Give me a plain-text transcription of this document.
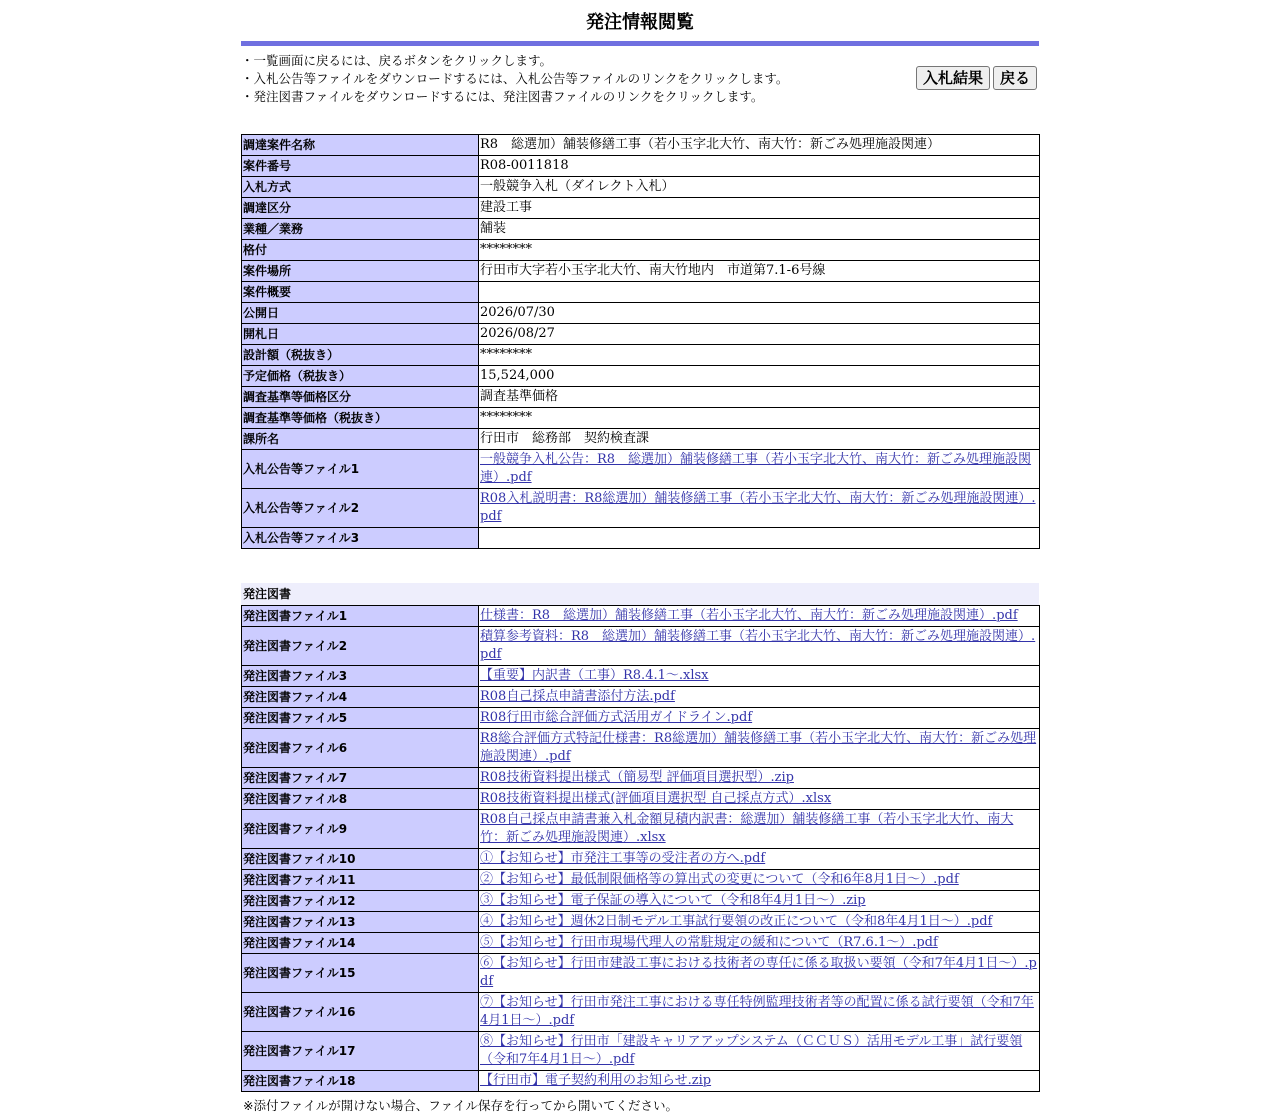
発注情報閲覧
・一覧画面に戻るには、戻るボタンをクリックします。
・入札公告等ファイルをダウンロードするには、入札公告等ファイルのリンクをクリックします。
・発注図書ファイルをダウンロードするには、発注図書ファイルのリンクをクリックします。
入札結果	戻る
調達案件名称	R8　総選加）舗装修繕工事（若小玉字北大竹、南大竹：新ごみ処理施設関連）
案件番号	R08-0011818
入札方式	一般競争入札（ダイレクト入札）
調達区分	建設工事
業種／業務	舗装
格付	********
案件場所	行田市大字若小玉字北大竹、南大竹地内　市道第7.1-6号線
案件概要	
公開日	2026/07/30
開札日	2026/08/27
設計額（税抜き）	********
予定価格（税抜き）	15,524,000
調査基準等価格区分	調査基準価格
調査基準等価格（税抜き）	********
課所名	行田市　総務部　契約検査課
入札公告等ファイル1	一般競争入札公告：R8　総選加）舗装修繕工事（若小玉字北大竹、南大竹：新ごみ処理施設関連）.pdf
入札公告等ファイル2	R08入札説明書：R8総選加）舗装修繕工事（若小玉字北大竹、南大竹：新ごみ処理施設関連）.pdf
入札公告等ファイル3	
発注図書
発注図書ファイル1	仕様書：R8　総選加）舗装修繕工事（若小玉字北大竹、南大竹：新ごみ処理施設関連）.pdf
発注図書ファイル2	積算参考資料：R8　総選加）舗装修繕工事（若小玉字北大竹、南大竹：新ごみ処理施設関連）.pdf
発注図書ファイル3	【重要】内訳書（工事）R8.4.1～.xlsx
発注図書ファイル4	R08自己採点申請書添付方法.pdf
発注図書ファイル5	R08行田市総合評価方式活用ガイドライン.pdf
発注図書ファイル6	R8総合評価方式特記仕様書：R8総選加）舗装修繕工事（若小玉字北大竹、南大竹：新ごみ処理施設関連）.pdf
発注図書ファイル7	R08技術資料提出様式（簡易型 評価項目選択型）.zip
発注図書ファイル8	R08技術資料提出様式(評価項目選択型 自己採点方式）.xlsx
発注図書ファイル9	R08自己採点申請書兼入札金額見積内訳書：総選加）舗装修繕工事（若小玉字北大竹、南大竹：新ごみ処理施設関連）.xlsx
発注図書ファイル10	①【お知らせ】市発注工事等の受注者の方へ.pdf
発注図書ファイル11	②【お知らせ】最低制限価格等の算出式の変更について（令和6年8月1日～）.pdf
発注図書ファイル12	③【お知らせ】電子保証の導入について（令和8年4月1日～）.zip
発注図書ファイル13	④【お知らせ】週休2日制モデル工事試行要領の改正について（令和8年4月1日～）.pdf
発注図書ファイル14	⑤【お知らせ】行田市現場代理人の常駐規定の緩和について（R7.6.1～）.pdf
発注図書ファイル15	⑥【お知らせ】行田市建設工事における技術者の専任に係る取扱い要領（令和7年4月1日～）.pdf
発注図書ファイル16	⑦【お知らせ】行田市発注工事における専任特例監理技術者等の配置に係る試行要領（令和7年4月1日～）.pdf
発注図書ファイル17	⑧【お知らせ】行田市「建設キャリアアップシステム（ＣＣＵＳ）活用モデル工事」試行要領（令和7年4月1日～）.pdf
発注図書ファイル18	【行田市】電子契約利用のお知らせ.zip
※添付ファイルが開けない場合、ファイル保存を行ってから開いてください。
